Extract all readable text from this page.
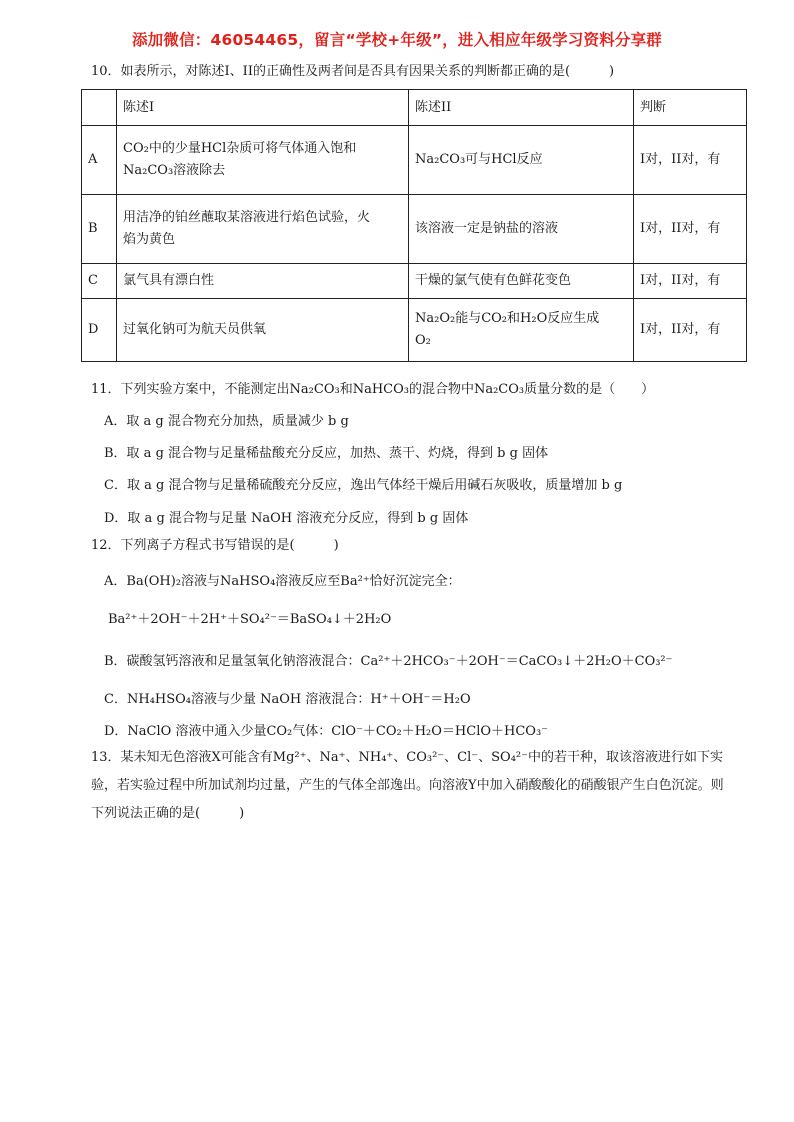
添加微信：46054465，留言“学校+年级”，进入相应年级学习资料分享群
10．如表所示，对陈述I、II的正确性及两者间是否具有因果关系的判断都正确的是(　　　)
	陈述I	陈述II	判断
A	CO₂中的少量HCl杂质可将气体通入饱和
Na₂CO₃溶液除去	Na₂CO₃可与HCl反应	I对，II对，有
B	用洁净的铂丝蘸取某溶液进行焰色试验，火
焰为黄色	该溶液一定是钠盐的溶液	I对，II对，有
C	氯气具有漂白性	干燥的氯气使有色鲜花变色	I对，II对，有
D	过氧化钠可为航天员供氧	Na₂O₂能与CO₂和H₂O反应生成
O₂	I对，II对，有
11．下列实验方案中，不能测定出Na₂CO₃和NaHCO₃的混合物中Na₂CO₃质量分数的是（　　）
A．取 a g 混合物充分加热，质量减少 b g
B．取 a g 混合物与足量稀盐酸充分反应，加热、蒸干、灼烧，得到 b g 固体
C．取 a g 混合物与足量稀硫酸充分反应，逸出气体经干燥后用碱石灰吸收，质量增加 b g
D．取 a g 混合物与足量 NaOH 溶液充分反应，得到 b g 固体
12．下列离子方程式书写错误的是(　　　)
A．Ba(OH)₂溶液与NaHSO₄溶液反应至Ba²⁺恰好沉淀完全：
Ba²⁺＋2OH⁻＋2H⁺＋SO₄²⁻＝BaSO₄↓＋2H₂O
B．碳酸氢钙溶液和足量氢氧化钠溶液混合：Ca²⁺＋2HCO₃⁻＋2OH⁻＝CaCO₃↓＋2H₂O＋CO₃²⁻
C．NH₄HSO₄溶液与少量 NaOH 溶液混合：H⁺＋OH⁻＝H₂O
D．NaClO 溶液中通入少量CO₂气体：ClO⁻＋CO₂＋H₂O＝HClO＋HCO₃⁻
13．某未知无色溶液X可能含有Mg²⁺、Na⁺、NH₄⁺、CO₃²⁻、Cl⁻、SO₄²⁻中的若干种，取该溶液进行如下实验，若实验过程中所加试剂均过量，产生的气体全部逸出。向溶液Y中加入硝酸酸化的硝酸银产生白色沉淀。则下列说法正确的是(　　　)
